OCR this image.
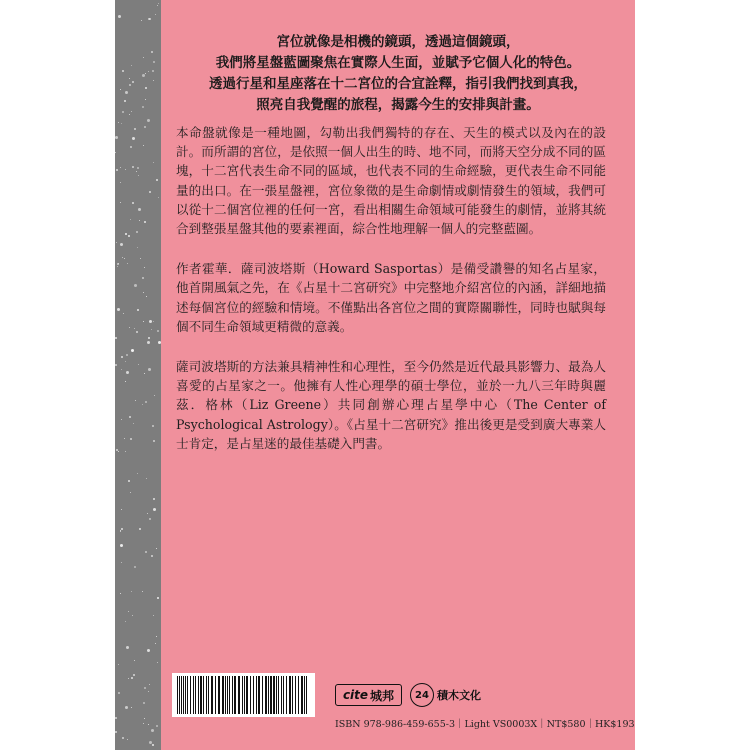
宮位就像是相機的鏡頭，透過這個鏡頭，
我們將星盤藍圖聚焦在實際人生面，並賦予它個人化的特色。
透過行星和星座落在十二宮位的合宜詮釋，指引我們找到真我，
照亮自我覺醒的旅程，揭露今生的安排與計畫。

本命盤就像是一種地圖，勾勒出我們獨特的存在、天生的模式以及內在的設計。而所謂的宮位，是依照一個人出生的時、地不同，而將天空分成不同的區塊，十二宮代表生命不同的區域，也代表不同的生命經驗，更代表生命不同能量的出口。在一張星盤裡，宮位象徵的是生命劇情或劇情發生的領域，我們可以從十二個宮位裡的任何一宮，看出相關生命領域可能發生的劇情，並將其統合到整張星盤其他的要素裡面，綜合性地理解一個人的完整藍圖。

作者霍華．薩司波塔斯（Howard Sasportas）是備受讚譽的知名占星家，他首開風氣之先，在《占星十二宮研究》中完整地介紹宮位的內涵，詳細地描述每個宮位的經驗和情境。不僅點出各宮位之間的實際關聯性，同時也賦與每個不同生命領域更精微的意義。

薩司波塔斯的方法兼具精神性和心理性，至今仍然是近代最具影響力、最為人喜愛的占星家之一。他擁有人性心理學的碩士學位，並於一九八三年時與麗茲．格林（Liz Greene）共同創辦心理占星學中心（The Center of Psychological Astrology）。《占星十二宮研究》推出後更是受到廣大專業人士肯定，是占星迷的最佳基礎入門書。

cite 城邦	24 積木文化
ISBN 978-986-459-655-3｜Light VS0003X｜NT$580｜HK$193
